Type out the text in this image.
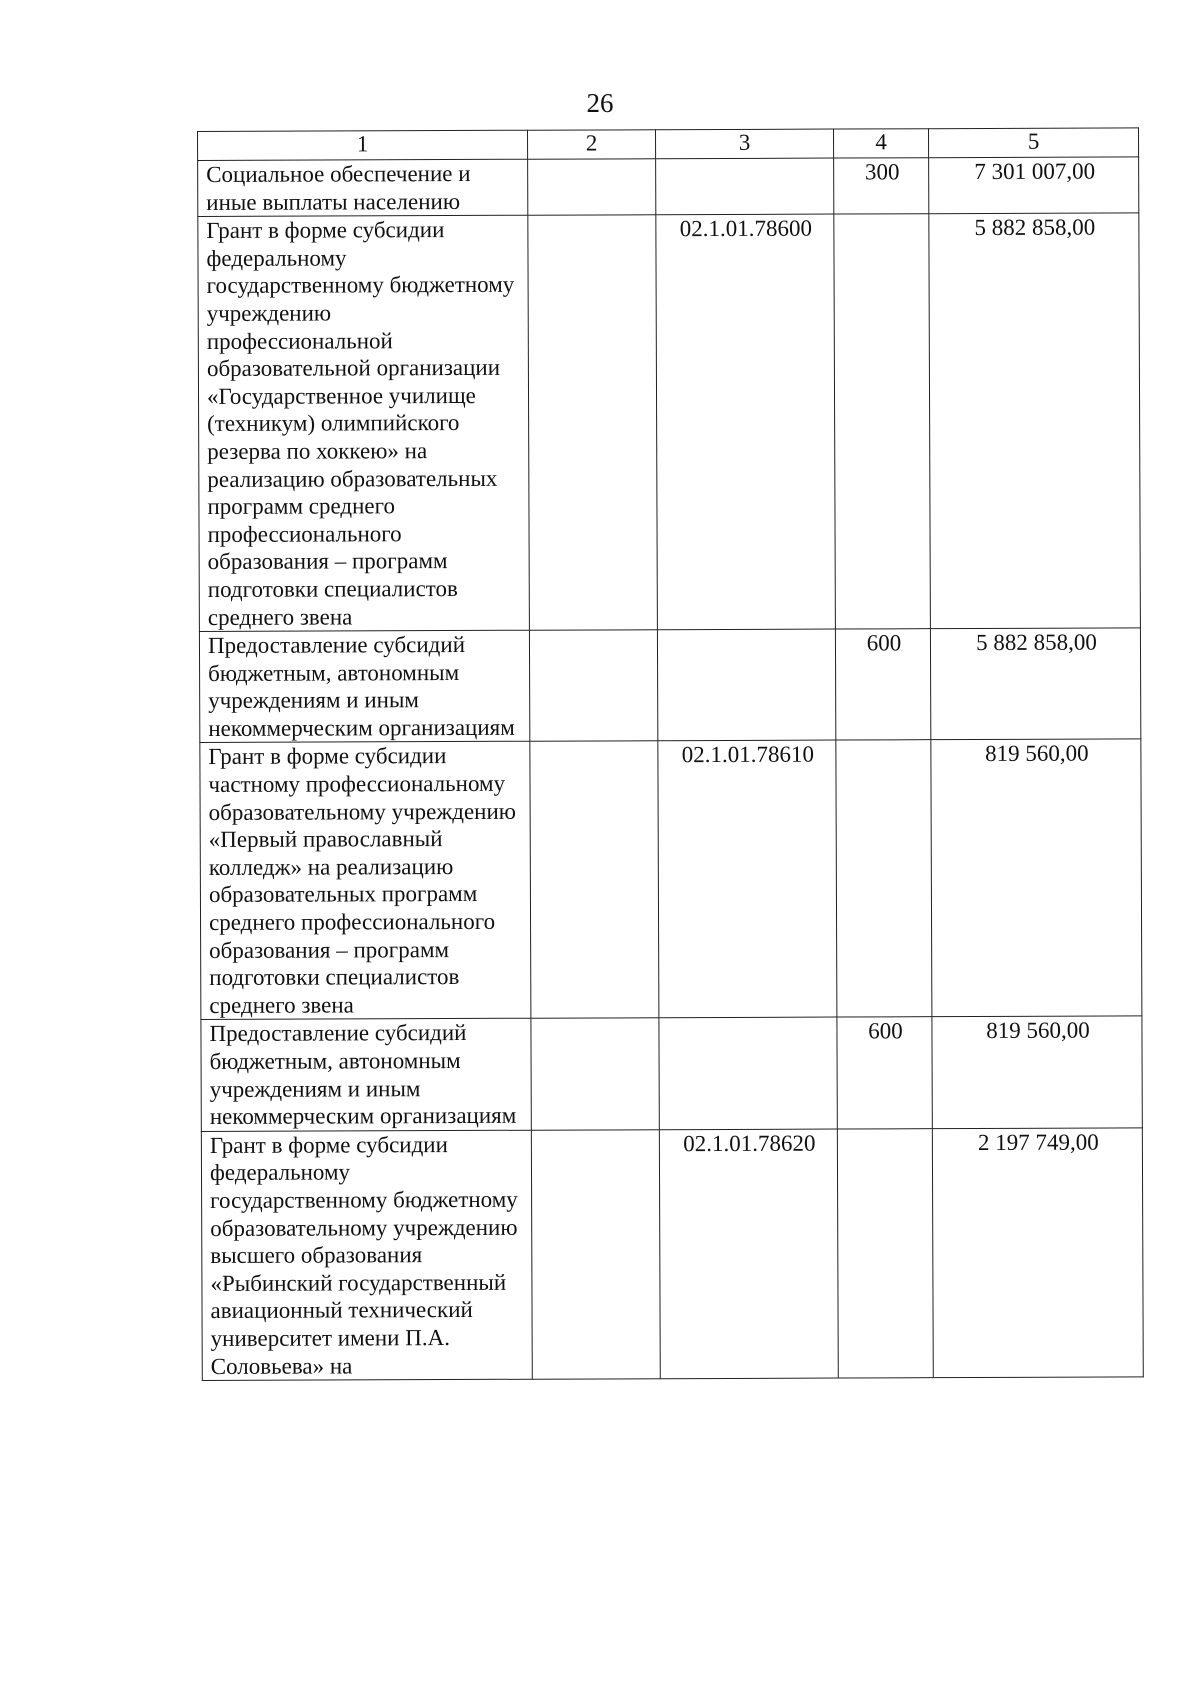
26
1	2	3	4	5
Социальное обеспечение и иные выплаты населению			300	7 301 007,00
Грант в форме субсидии федеральному государственному бюджетному учреждению профессиональной образовательной организации «Государственное училище (техникум) олимпийского резерва по хоккею» на реализацию образовательных программ среднего профессионального образования – программ подготовки специалистов среднего звена		02.1.01.78600		5 882 858,00
Предоставление субсидий бюджетным, автономным учреждениям и иным некоммерческим организациям			600	5 882 858,00
Грант в форме субсидии частному профессиональному образовательному учреждению «Первый православный колледж» на реализацию образовательных программ среднего профессионального образования – программ подготовки специалистов среднего звена		02.1.01.78610		819 560,00
Предоставление субсидий бюджетным, автономным учреждениям и иным некоммерческим организациям			600	819 560,00
Грант в форме субсидии федеральному государственному бюджетному образовательному учреждению высшего образования «Рыбинский государственный авиационный технический университет имени П.А. Соловьева» на		02.1.01.78620		2 197 749,00
